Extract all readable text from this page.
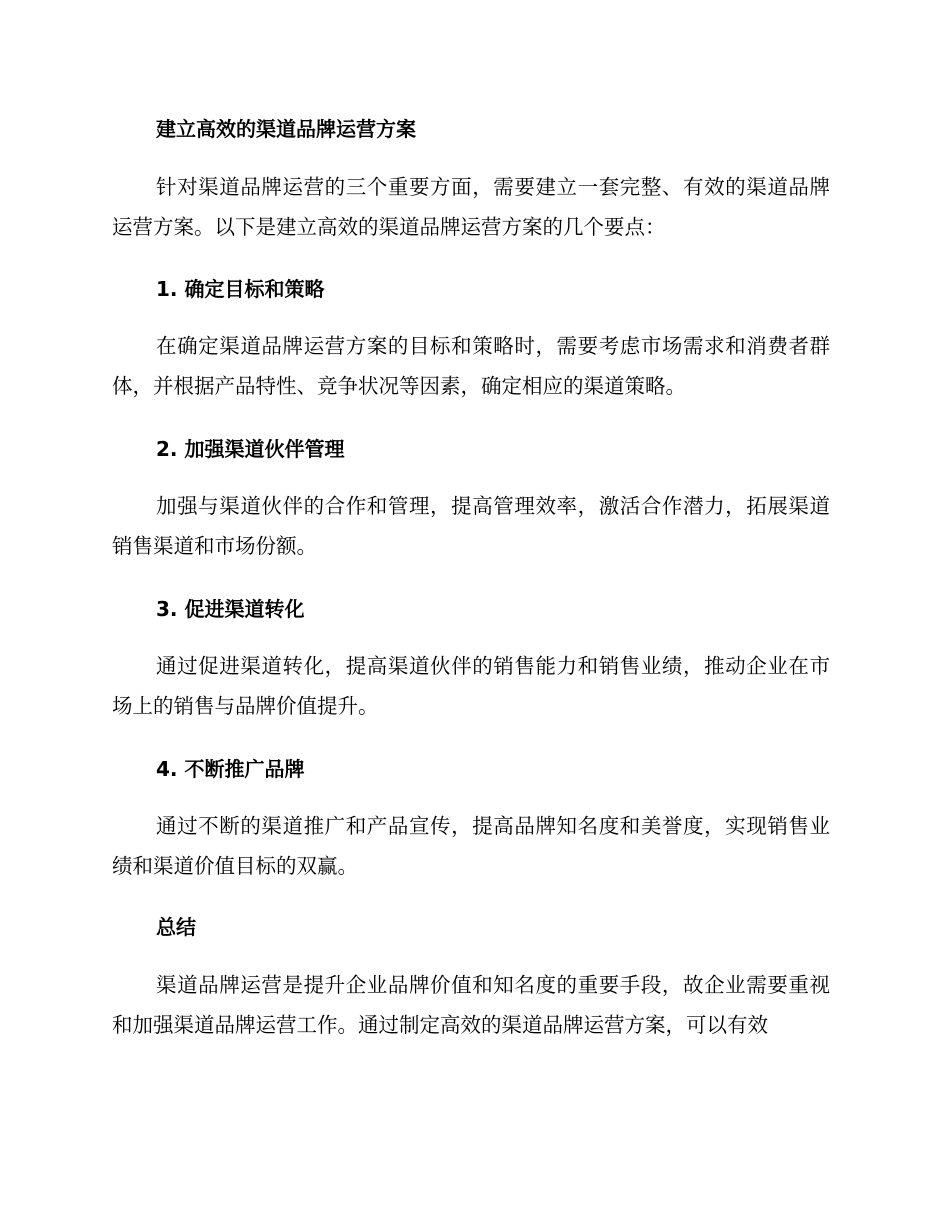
建立高效的渠道品牌运营方案
针对渠道品牌运营的三个重要方面，需要建立一套完整、有效的渠道品牌运营方案。以下是建立高效的渠道品牌运营方案的几个要点：
1. 确定目标和策略
在确定渠道品牌运营方案的目标和策略时，需要考虑市场需求和消费者群体，并根据产品特性、竞争状况等因素，确定相应的渠道策略。
2. 加强渠道伙伴管理
加强与渠道伙伴的合作和管理，提高管理效率，激活合作潜力，拓展渠道销售渠道和市场份额。
3. 促进渠道转化
通过促进渠道转化，提高渠道伙伴的销售能力和销售业绩，推动企业在市场上的销售与品牌价值提升。
4. 不断推广品牌
通过不断的渠道推广和产品宣传，提高品牌知名度和美誉度，实现销售业绩和渠道价值目标的双赢。
总结
渠道品牌运营是提升企业品牌价值和知名度的重要手段，故企业需要重视和加强渠道品牌运营工作。通过制定高效的渠道品牌运营方案，可以有效
